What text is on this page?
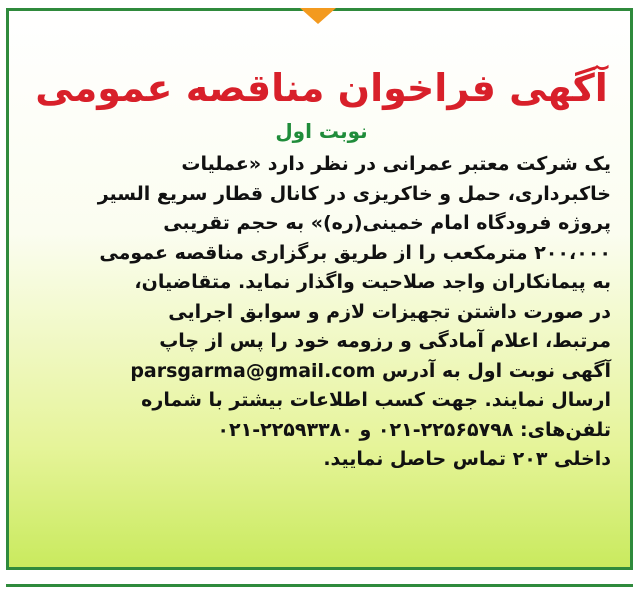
آگهی فراخوان مناقصه عمومی
نوبت اول
یک شرکت معتبر عمرانی در نظر دارد «عملیات
خاکبرداری، حمل و خاکریزی در کانال قطار سریع السیر
پروژه فرودگاه امام خمینی(ره)» به حجم تقریبی
۲۰۰،۰۰۰ مترمکعب را از طریق برگزاری مناقصه عمومی
به پیمانکاران واجد صلاحیت واگذار نماید. متقاضیان،
در صورت داشتن تجهیزات لازم و سوابق اجرایی
مرتبط، اعلام آمادگی و رزومه خود را پس از چاپ
آگهی نوبت اول به آدرس parsgarma@gmail.com
ارسال نمایند. جهت کسب اطلاعات بیشتر با شماره
تلفن‌های: ۲۲۵۶۵۷۹۸-۰۲۱ و ۲۲۵۹۳۳۸۰-۰۲۱
داخلی ۲۰۳ تماس حاصل نمایید.
